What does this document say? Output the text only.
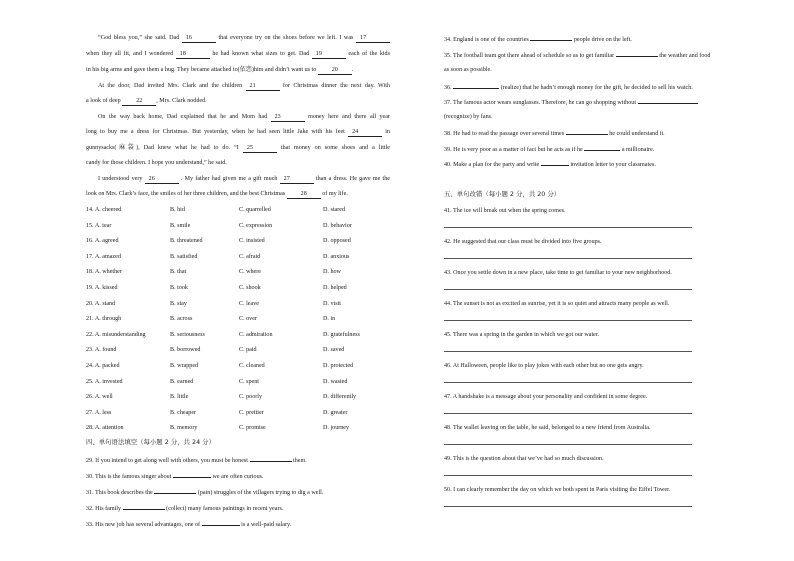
“God bless you,” she said. Dad 16	that everyone try on the shoes before we left. I was 17
when they all fit, and I wondered 18	he had known what sizes to get. Dad 19	each of the kids
in his big arms and gave them a hug. They became attached to(依恋)him and didn’t want us to	20 .
At the door, Dad invited Mrs. Clark and the children 21	for Christmas dinner the next day. With
a look of deep	22 , Mrs. Clark nodded.
On the way back home, Dad explained that he and Mom had 23	money here and there all year
long to buy me a dress for Christmas. But yesterday, when he had seen little Jake with his feet 24	in
gunnysacks(麻袋), Dad knew what he had to do. “I 25	that money on some shoes and a little
candy for those children. I hope you understand,” he said.
I understood very 26	. My father had given me a gift much 27	than a dress. He gave me the
look on Mrs. Clark’s face, the smiles of her three children, and the best Christmas	28	of my life.
14. A. cheered	B. hid	C. quarrelled	D. stared
15. A. tear	B. smile	C. expression	D. behavior
16. A. agreed	B. threatened	C. insisted	D. opposed
17. A. amazed	B. satisfied	C. afraid	D. anxious
18. A. whether	B. that	C. where	D. how
19. A. kissed	B. took	C. shook	D. helped
20. A. stand	B. stay	C. leave	D. visit
21. A. through	B. across	C. over	D. in
22. A. misunderstanding	B. seriousness	C. admiration	D. gratefulness
23. A. found	B. borrowed	C. paid	D. saved
24. A. packed	B. wrapped	C. cleaned	D. protected
25. A. invested	B. earned	C. spent	D. wasted
26. A. well	B. little	C. poorly	D. differently
27. A. less	B. cheaper	C. prettier	D. greater
28. A. attention	B. memory	C. promise	D. journey
四、单句语法填空（每小题 2 分，共 24 分）
29. If you intend to get along well with others, you must be honest	them.
30. This is the famous singer about	we are often curious.
31. This book describes the	(pain) struggles of the villagers trying to dig a well.
32. His family	(collect) many famous paintings in recent years.
33. His new job has several advantages, one of	is a well-paid salary.
34. England is one of the countries	people drive on the left.
35. The football team got there ahead of schedule so as to get familiar	the weather and food
as soon as possible.
36.	(realize) that he hadn’t enough money for the gift, he decided to sell his watch.
37. The famous actor wears sunglasses. Therefore, he can go shopping without
(recognize) by fans.
38. He had to read the passage over several times	he could understand it.
39. He is very poor as a matter of fact but he acts as if he	a millionaire.
40. Make a plan for the party and write	invitation letter to your classmates.
五、单句改错（每小题 2 分，共 20 分）
41. The ice will break out when the spring comes.
42. He suggested that our class must be divided into five groups.
43. Once you settle down in a new place, take time to get familiar to your new neighborhood.
44. The sunset is not as excited as sunrise, yet it is so quiet and attracts many people as well.
45. There was a spring in the garden in which we got our water.
46. At Halloween, people like to play jokes with each other but no one gets angry.
47. A handshake is a message about your personality and confident in some degree.
48. The wallet leaving on the table, he said, belonged to a new friend from Australia.
49. This is the question about that we’ve had so much discussion.
50. I can clearly remember the day on which we both spent in Paris visiting the Eiffel Tower.
